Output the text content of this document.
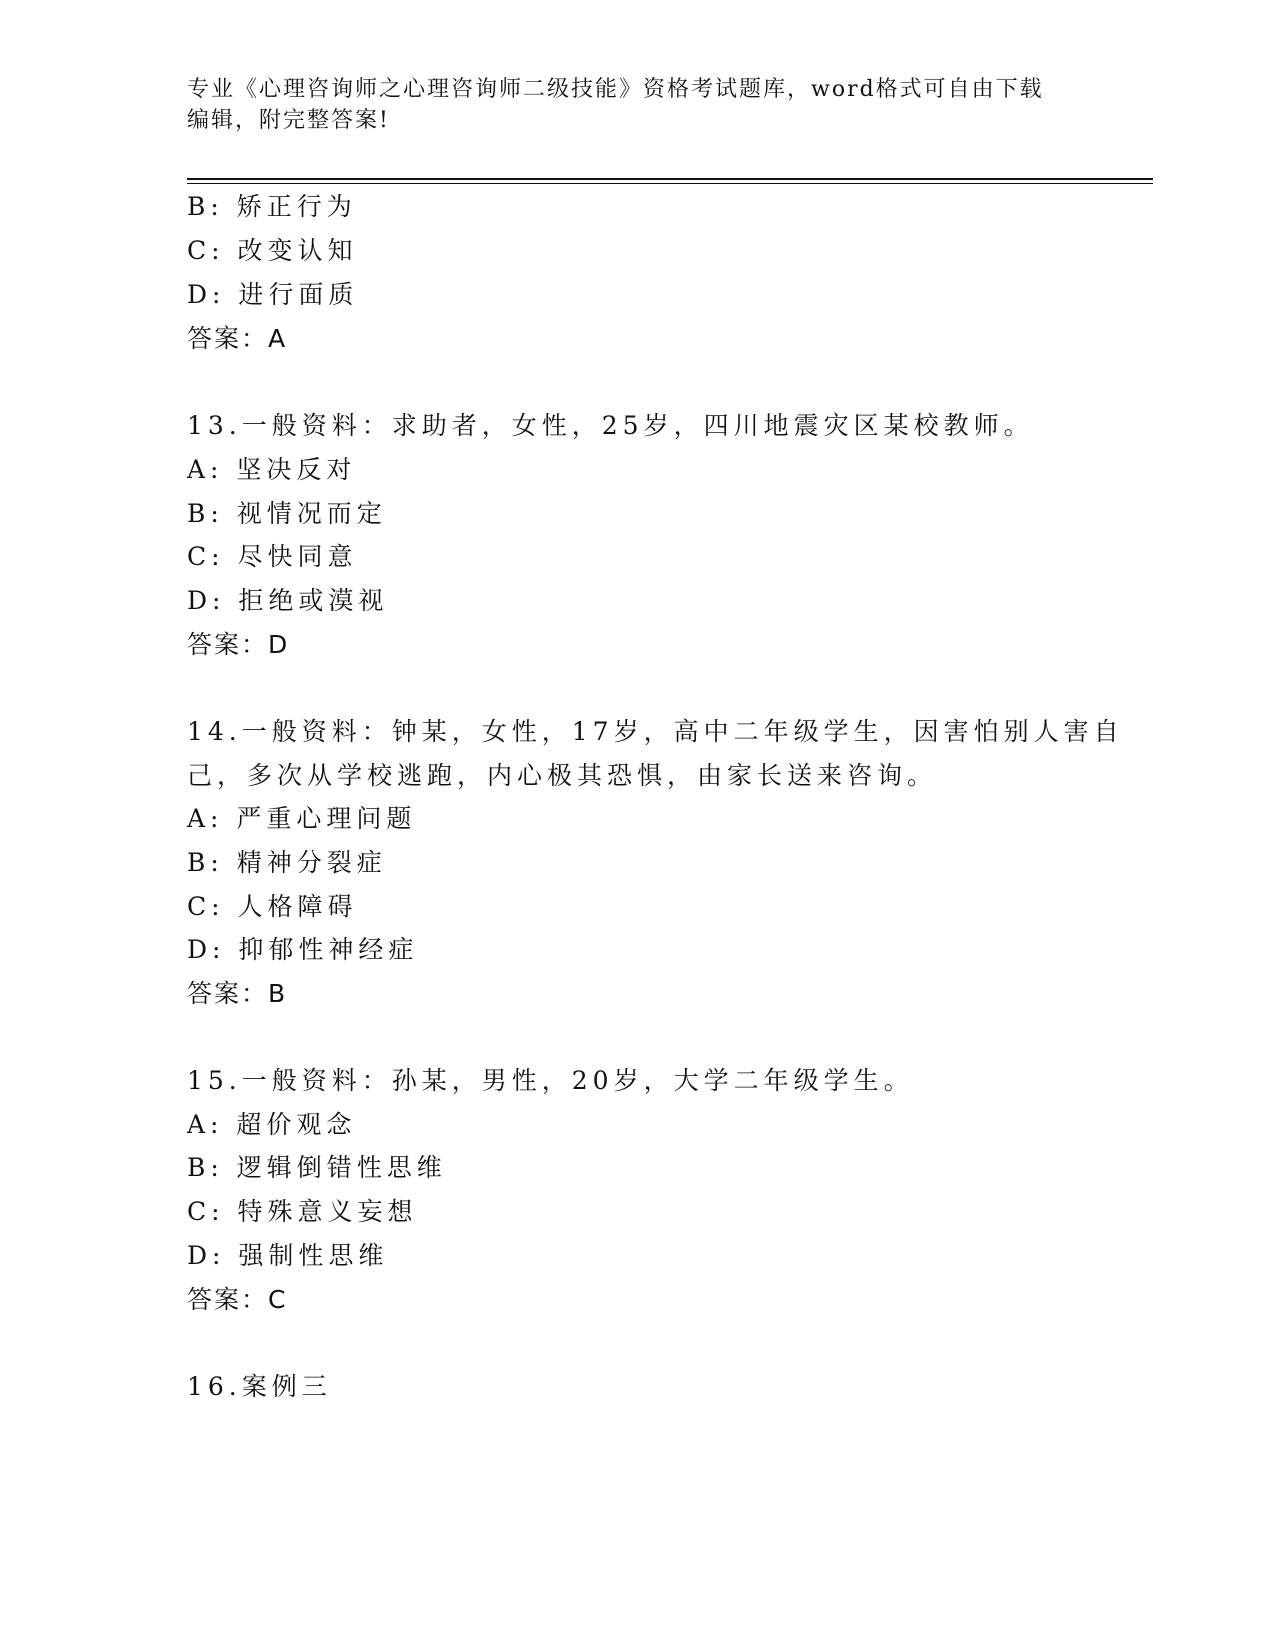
专业《心理咨询师之心理咨询师二级技能》资格考试题库，word格式可自由下载
编辑，附完整答案!
B: 矫正行为
C: 改变认知
D: 进行面质
答案：A
13.一般资料：求助者，女性，25岁，四川地震灾区某校教师。
A: 坚决反对
B: 视情况而定
C: 尽快同意
D: 拒绝或漠视
答案：D
14.一般资料：钟某，女性，17岁，高中二年级学生，因害怕别人害自
己，多次从学校逃跑，内心极其恐惧，由家长送来咨询。
A: 严重心理问题
B: 精神分裂症
C: 人格障碍
D: 抑郁性神经症
答案：B
15.一般资料：孙某，男性，20岁，大学二年级学生。
A: 超价观念
B: 逻辑倒错性思维
C: 特殊意义妄想
D: 强制性思维
答案：C
16.案例三
